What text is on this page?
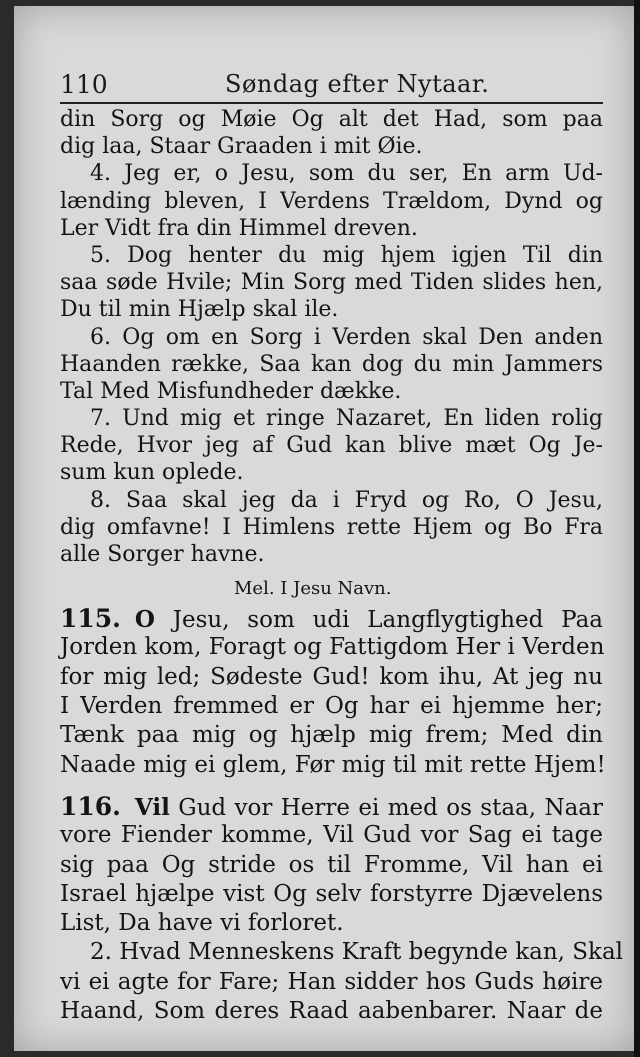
110	Søndag efter Nytaar.
din Sorg og Møie Og alt det Had, som paa
dig laa, Staar Graaden i mit Øie.
4. Jeg er, o Jesu, som du ser, En arm Ud-
lænding bleven, I Verdens Trældom, Dynd og
Ler Vidt fra din Himmel dreven.
5. Dog henter du mig hjem igjen Til din
saa søde Hvile; Min Sorg med Tiden slides hen,
Du til min Hjælp skal ile.
6. Og om en Sorg i Verden skal Den anden
Haanden række, Saa kan dog du min Jammers
Tal Med Misfundheder dække.
7. Und mig et ringe Nazaret, En liden rolig
Rede, Hvor jeg af Gud kan blive mæt Og Je-
sum kun oplede.
8. Saa skal jeg da i Fryd og Ro, O Jesu,
dig omfavne! I Himlens rette Hjem og Bo Fra
alle Sorger havne.
Mel. I Jesu Navn.
115. O Jesu, som udi Langflygtighed Paa
Jorden kom, Foragt og Fattigdom Her i Verden
for mig led; Sødeste Gud! kom ihu, At jeg nu
I Verden fremmed er Og har ei hjemme her;
Tænk paa mig og hjælp mig frem; Med din
Naade mig ei glem, Før mig til mit rette Hjem!
116. Vil Gud vor Herre ei med os staa, Naar
vore Fiender komme, Vil Gud vor Sag ei tage
sig paa Og stride os til Fromme, Vil han ei
Israel hjælpe vist Og selv forstyrre Djævelens
List, Da have vi forloret.
2. Hvad Menneskens Kraft begynde kan, Skal
vi ei agte for Fare; Han sidder hos Guds høire
Haand, Som deres Raad aabenbarer. Naar de
